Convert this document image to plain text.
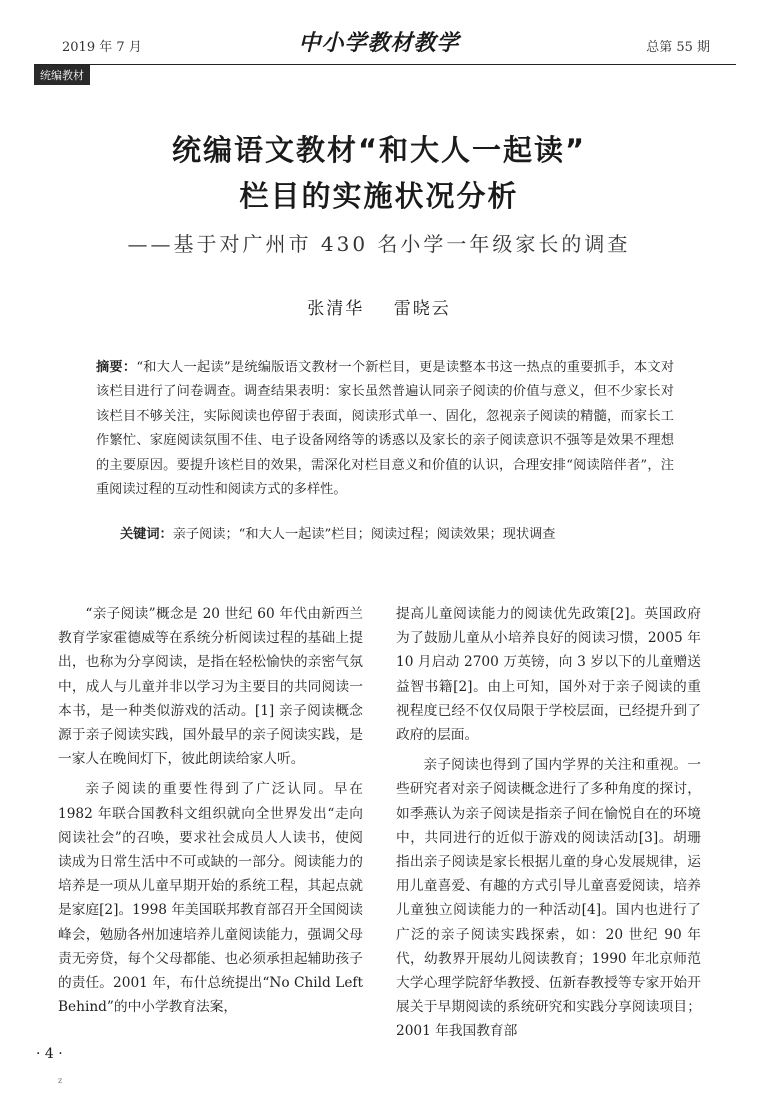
2019 年 7 月	中小学教材教学	总第 55 期
统编教材
统编语文教材“和大人一起读”
栏目的实施状况分析
——基于对广州市 430 名小学一年级家长的调查
张清华 雷晓云
摘要：“和大人一起读”是统编版语文教材一个新栏目，更是读整本书这一热点的重要抓手，本文对该栏目进行了问卷调查。调查结果表明：家长虽然普遍认同亲子阅读的价值与意义，但不少家长对该栏目不够关注，实际阅读也停留于表面，阅读形式单一、固化，忽视亲子阅读的精髓，而家长工作繁忙、家庭阅读氛围不佳、电子设备网络等的诱惑以及家长的亲子阅读意识不强等是效果不理想的主要原因。要提升该栏目的效果，需深化对栏目意义和价值的认识，合理安排“阅读陪伴者”，注重阅读过程的互动性和阅读方式的多样性。
关键词：亲子阅读；“和大人一起读”栏目；阅读过程；阅读效果；现状调查

“亲子阅读”概念是 20 世纪 60 年代由新西兰教育学家霍德威等在系统分析阅读过程的基础上提出，也称为分享阅读，是指在轻松愉快的亲密气氛中，成人与儿童并非以学习为主要目的共同阅读一本书，是一种类似游戏的活动。[1] 亲子阅读概念源于亲子阅读实践，国外最早的亲子阅读实践，是一家人在晚间灯下，彼此朗读给家人听。

亲子阅读的重要性得到了广泛认同。早在 1982 年联合国教科文组织就向全世界发出“走向阅读社会”的召唤，要求社会成员人人读书，使阅读成为日常生活中不可或缺的一部分。阅读能力的培养是一项从儿童早期开始的系统工程，其起点就是家庭[2]。1998 年美国联邦教育部召开全国阅读峰会，勉励各州加速培养儿童阅读能力，强调父母责无旁贷，每个父母都能、也必须承担起辅助孩子的责任。2001 年，布什总统提出“No Child Left Behind”的中小学教育法案，

提高儿童阅读能力的阅读优先政策[2]。英国政府为了鼓励儿童从小培养良好的阅读习惯，2005 年 10 月启动 2700 万英镑，向 3 岁以下的儿童赠送益智书籍[2]。由上可知，国外对于亲子阅读的重视程度已经不仅仅局限于学校层面，已经提升到了政府的层面。

亲子阅读也得到了国内学界的关注和重视。一些研究者对亲子阅读概念进行了多种角度的探讨，如季燕认为亲子阅读是指亲子间在愉悦自在的环境中，共同进行的近似于游戏的阅读活动[3]。胡珊指出亲子阅读是家长根据儿童的身心发展规律，运用儿童喜爱、有趣的方式引导儿童喜爱阅读，培养儿童独立阅读能力的一种活动[4]。国内也进行了广泛的亲子阅读实践探索，如：20 世纪 90 年代，幼教界开展幼儿阅读教育；1990 年北京师范大学心理学院舒华教授、伍新春教授等专家开始开展关于早期阅读的系统研究和实践分享阅读项目；2001 年我国教育部

· 4 ·
z
